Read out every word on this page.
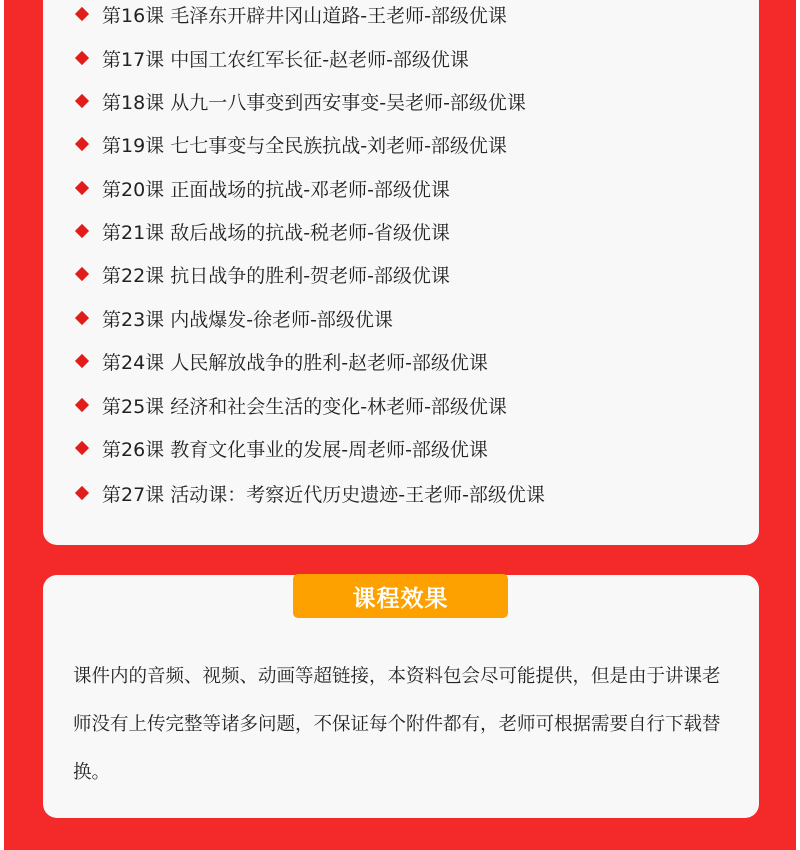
第16课 毛泽东开辟井冈山道路-王老师-部级优课
第17课 中国工农红军长征-赵老师-部级优课
第18课 从九一八事变到西安事变-吴老师-部级优课
第19课 七七事变与全民族抗战-刘老师-部级优课
第20课 正面战场的抗战-邓老师-部级优课
第21课 敌后战场的抗战-税老师-省级优课
第22课 抗日战争的胜利-贺老师-部级优课
第23课 内战爆发-徐老师-部级优课
第24课 人民解放战争的胜利-赵老师-部级优课
第25课 经济和社会生活的变化-林老师-部级优课
第26课 教育文化事业的发展-周老师-部级优课
第27课 活动课：考察近代历史遗迹-王老师-部级优课
课程效果

课件内的音频、视频、动画等超链接，本资料包会尽可能提供，但是由于讲课老师没有上传完整等诸多问题，不保证每个附件都有，老师可根据需要自行下载替换。
